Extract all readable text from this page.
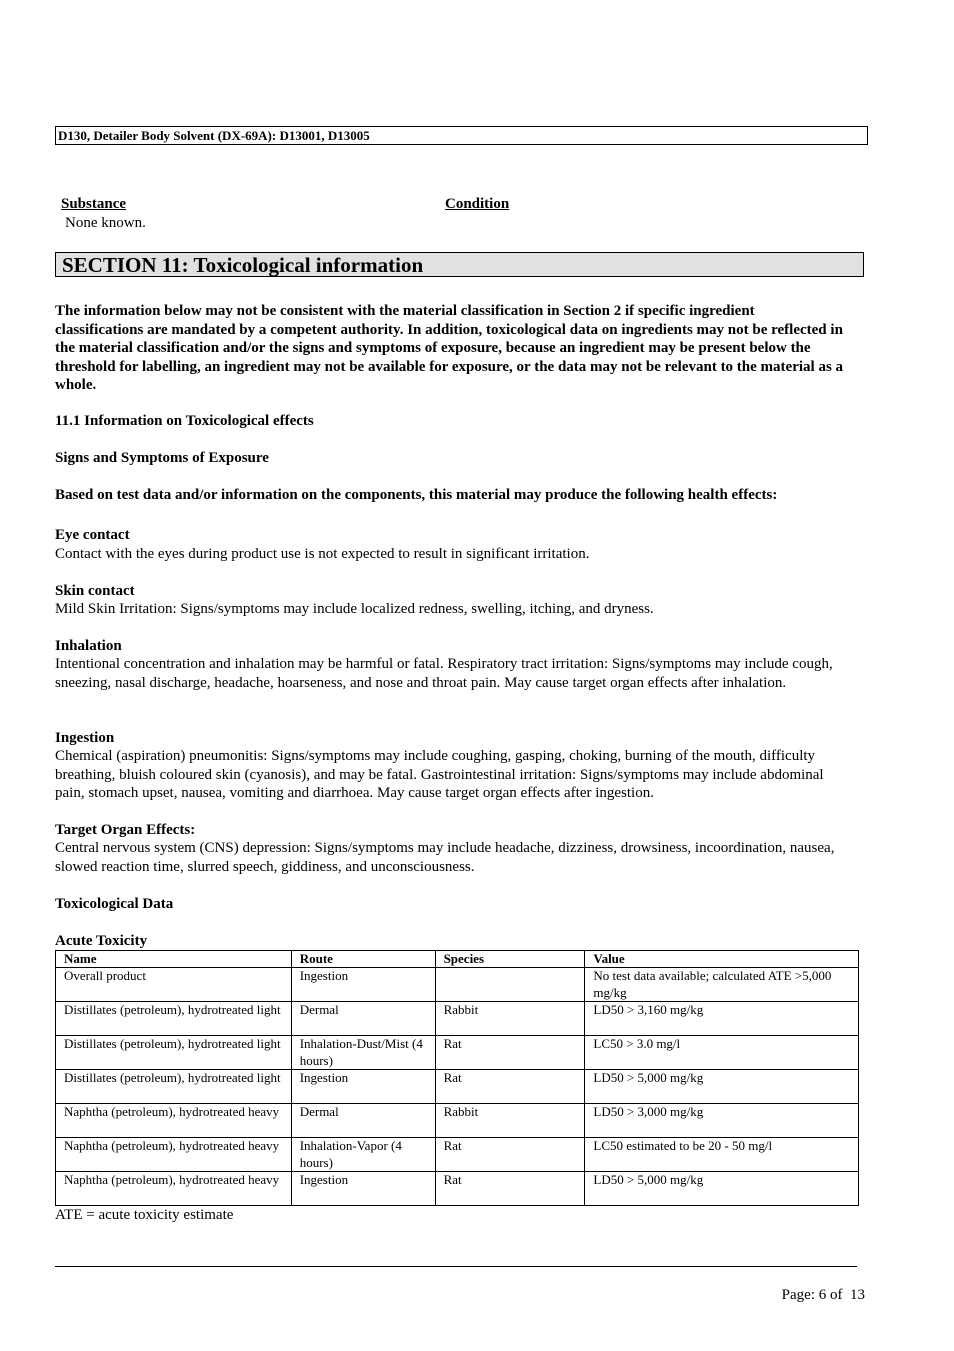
D130, Detailer Body Solvent (DX-69A): D13001, D13005
Substance	Condition
None known.
SECTION 11: Toxicological information
The information below may not be consistent with the material classification in Section 2 if specific ingredient classifications are mandated by a competent authority. In addition, toxicological data on ingredients may not be reflected in the material classification and/or the signs and symptoms of exposure, because an ingredient may be present below the threshold for labelling, an ingredient may not be available for exposure, or the data may not be relevant to the material as a whole.
11.1 Information on Toxicological effects
Signs and Symptoms of Exposure
Based on test data and/or information on the components, this material may produce the following health effects:
Eye contact
Contact with the eyes during product use is not expected to result in significant irritation.
Skin contact
Mild Skin Irritation: Signs/symptoms may include localized redness, swelling, itching, and dryness.
Inhalation
Intentional concentration and inhalation may be harmful or fatal. Respiratory tract irritation: Signs/symptoms may include cough, sneezing, nasal discharge, headache, hoarseness, and nose and throat pain. May cause target organ effects after inhalation.
Ingestion
Chemical (aspiration) pneumonitis: Signs/symptoms may include coughing, gasping, choking, burning of the mouth, difficulty breathing, bluish coloured skin (cyanosis), and may be fatal. Gastrointestinal irritation: Signs/symptoms may include abdominal pain, stomach upset, nausea, vomiting and diarrhoea. May cause target organ effects after ingestion.
Target Organ Effects:
Central nervous system (CNS) depression: Signs/symptoms may include headache, dizziness, drowsiness, incoordination, nausea, slowed reaction time, slurred speech, giddiness, and unconsciousness.
Toxicological Data
Acute Toxicity
Name	Route	Species	Value
Overall product	Ingestion		No test data available; calculated ATE >5,000 mg/kg
Distillates (petroleum), hydrotreated light	Dermal	Rabbit	LD50 > 3,160 mg/kg
Distillates (petroleum), hydrotreated light	Inhalation-Dust/Mist (4 hours)	Rat	LC50 > 3.0 mg/l
Distillates (petroleum), hydrotreated light	Ingestion	Rat	LD50 > 5,000 mg/kg
Naphtha (petroleum), hydrotreated heavy	Dermal	Rabbit	LD50 > 3,000 mg/kg
Naphtha (petroleum), hydrotreated heavy	Inhalation-Vapor (4 hours)	Rat	LC50 estimated to be 20 - 50 mg/l
Naphtha (petroleum), hydrotreated heavy	Ingestion	Rat	LD50 > 5,000 mg/kg
ATE = acute toxicity estimate
Page: 6 of  13
